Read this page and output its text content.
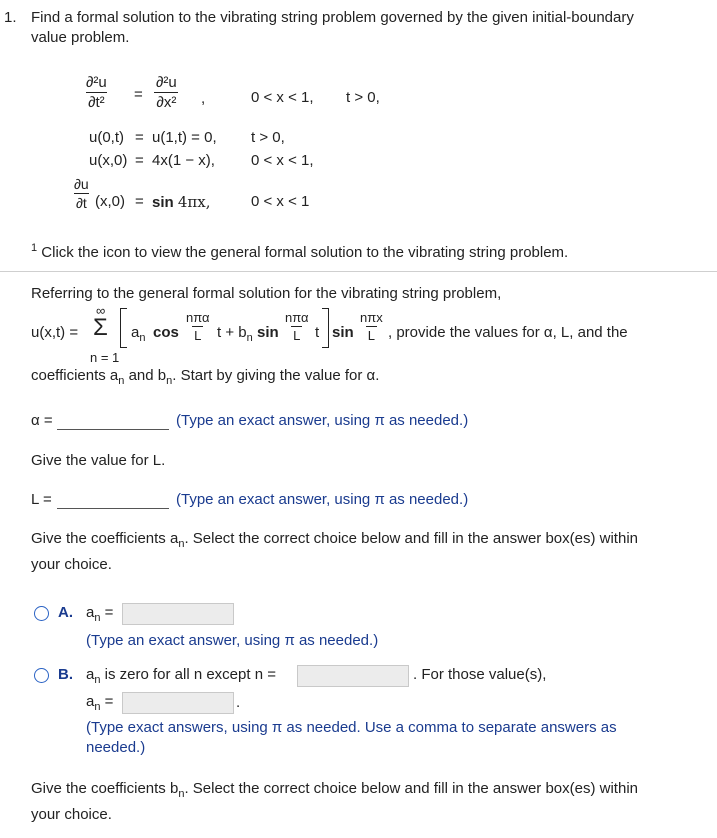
1. Find a formal solution to the vibrating string problem governed by the given initial-boundary
value problem.
$\frac{\text{∂²u}}{\text{∂t²}} = \frac{\text{∂²u}}{\text{∂x²}}$ ,	0 < x < 1, t > 0,
u(0,t) = u(1,t) = 0, t > 0,
u(x,0) = 4x(1 − x), 0 < x < 1,
$\frac{\partial u}{\partial t} (x,0) = \sin 4\pi x$,	0 < x < 1
$^1$ Click the icon to view the general formal solution to the vibrating string problem.
Referring to the general formal solution for the vibrating string problem,
u(x,t) =
∞
Σ
n = 1
$a_n$ cos
nπα
L $t + b_n$ sin
nπα
L t sin
nπx
L , provide the values for α, L, and the
coefficients $a_n$ and $b_n$. Start by giving the value for α.
α =	(Type an exact answer, using π as needed.)
Give the value for L.
L =	(Type an exact answer, using π as needed.)
Give the coefficients $a_n$. Select the correct choice below and fill in the answer box(es) within
your choice.
A. $a_n$ =
(Type an exact answer, using π as needed.)
B. $a_n$ is zero for all n except n =	. For those value(s),
$a_n$ =	.
(Type exact answers, using π as needed. Use a comma to separate answers as
needed.)
Give the coefficients $b_n$. Select the correct choice below and fill in the answer box(es) within
your choice.
